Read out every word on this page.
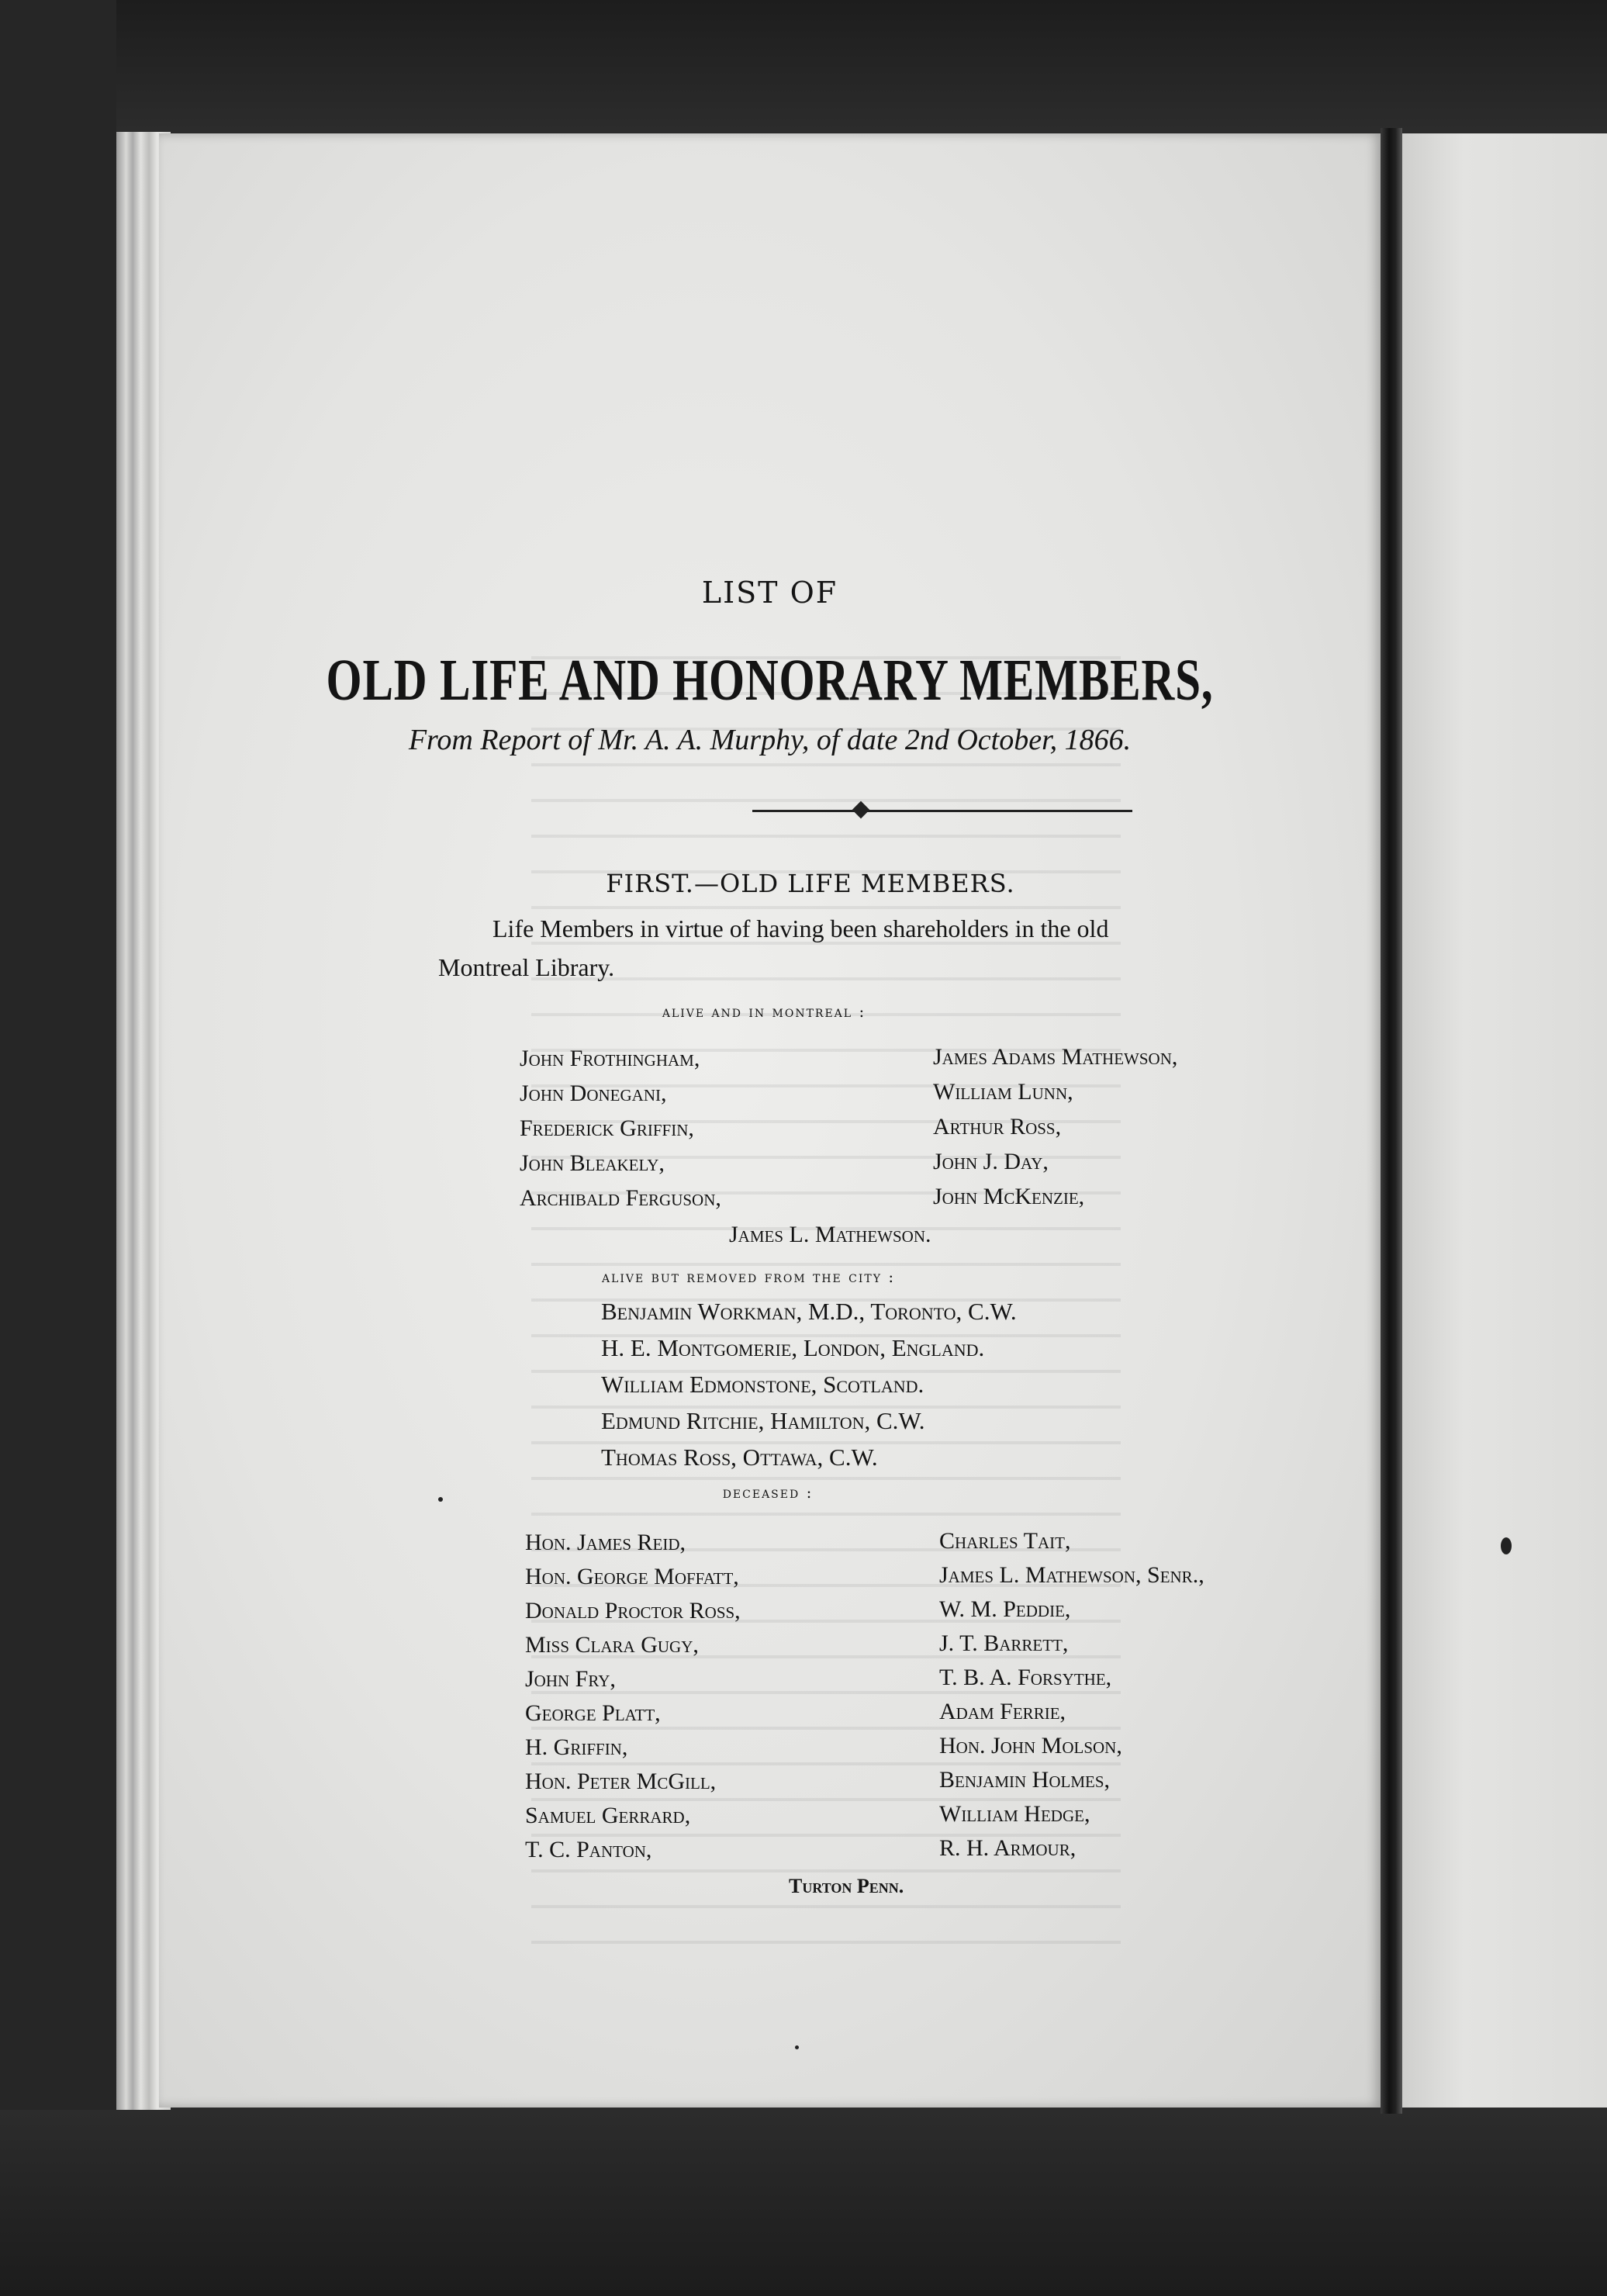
LIST OF
OLD LIFE AND HONORARY MEMBERS,
From Report of Mr. A. A. Murphy, of date 2nd October, 1866.
FIRST.—OLD LIFE MEMBERS.
Life Members in virtue of having been shareholders in the old
Montreal Library.
alive and in montreal :
John Frothingham,
John Donegani,
Frederick Griffin,
John Bleakely,
Archibald Ferguson,
James Adams Mathewson,
William Lunn,
Arthur Ross,
John J. Day,
John McKenzie,
James L. Mathewson.
alive but removed from the city :
Benjamin Workman, M.D., Toronto, C.W.
H. E. Montgomerie, London, England.
William Edmonstone, Scotland.
Edmund Ritchie, Hamilton, C.W.
Thomas Ross, Ottawa, C.W.
deceased :
Hon. James Reid,
Hon. George Moffatt,
Donald Proctor Ross,
Miss Clara Gugy,
John Fry,
George Platt,
H. Griffin,
Hon. Peter McGill,
Samuel Gerrard,
T. C. Panton,
Charles Tait,
James L. Mathewson, Senr.,
W. M. Peddie,
J. T. Barrett,
T. B. A. Forsythe,
Adam Ferrie,
Hon. John Molson,
Benjamin Holmes,
William Hedge,
R. H. Armour,
Turton Penn.
